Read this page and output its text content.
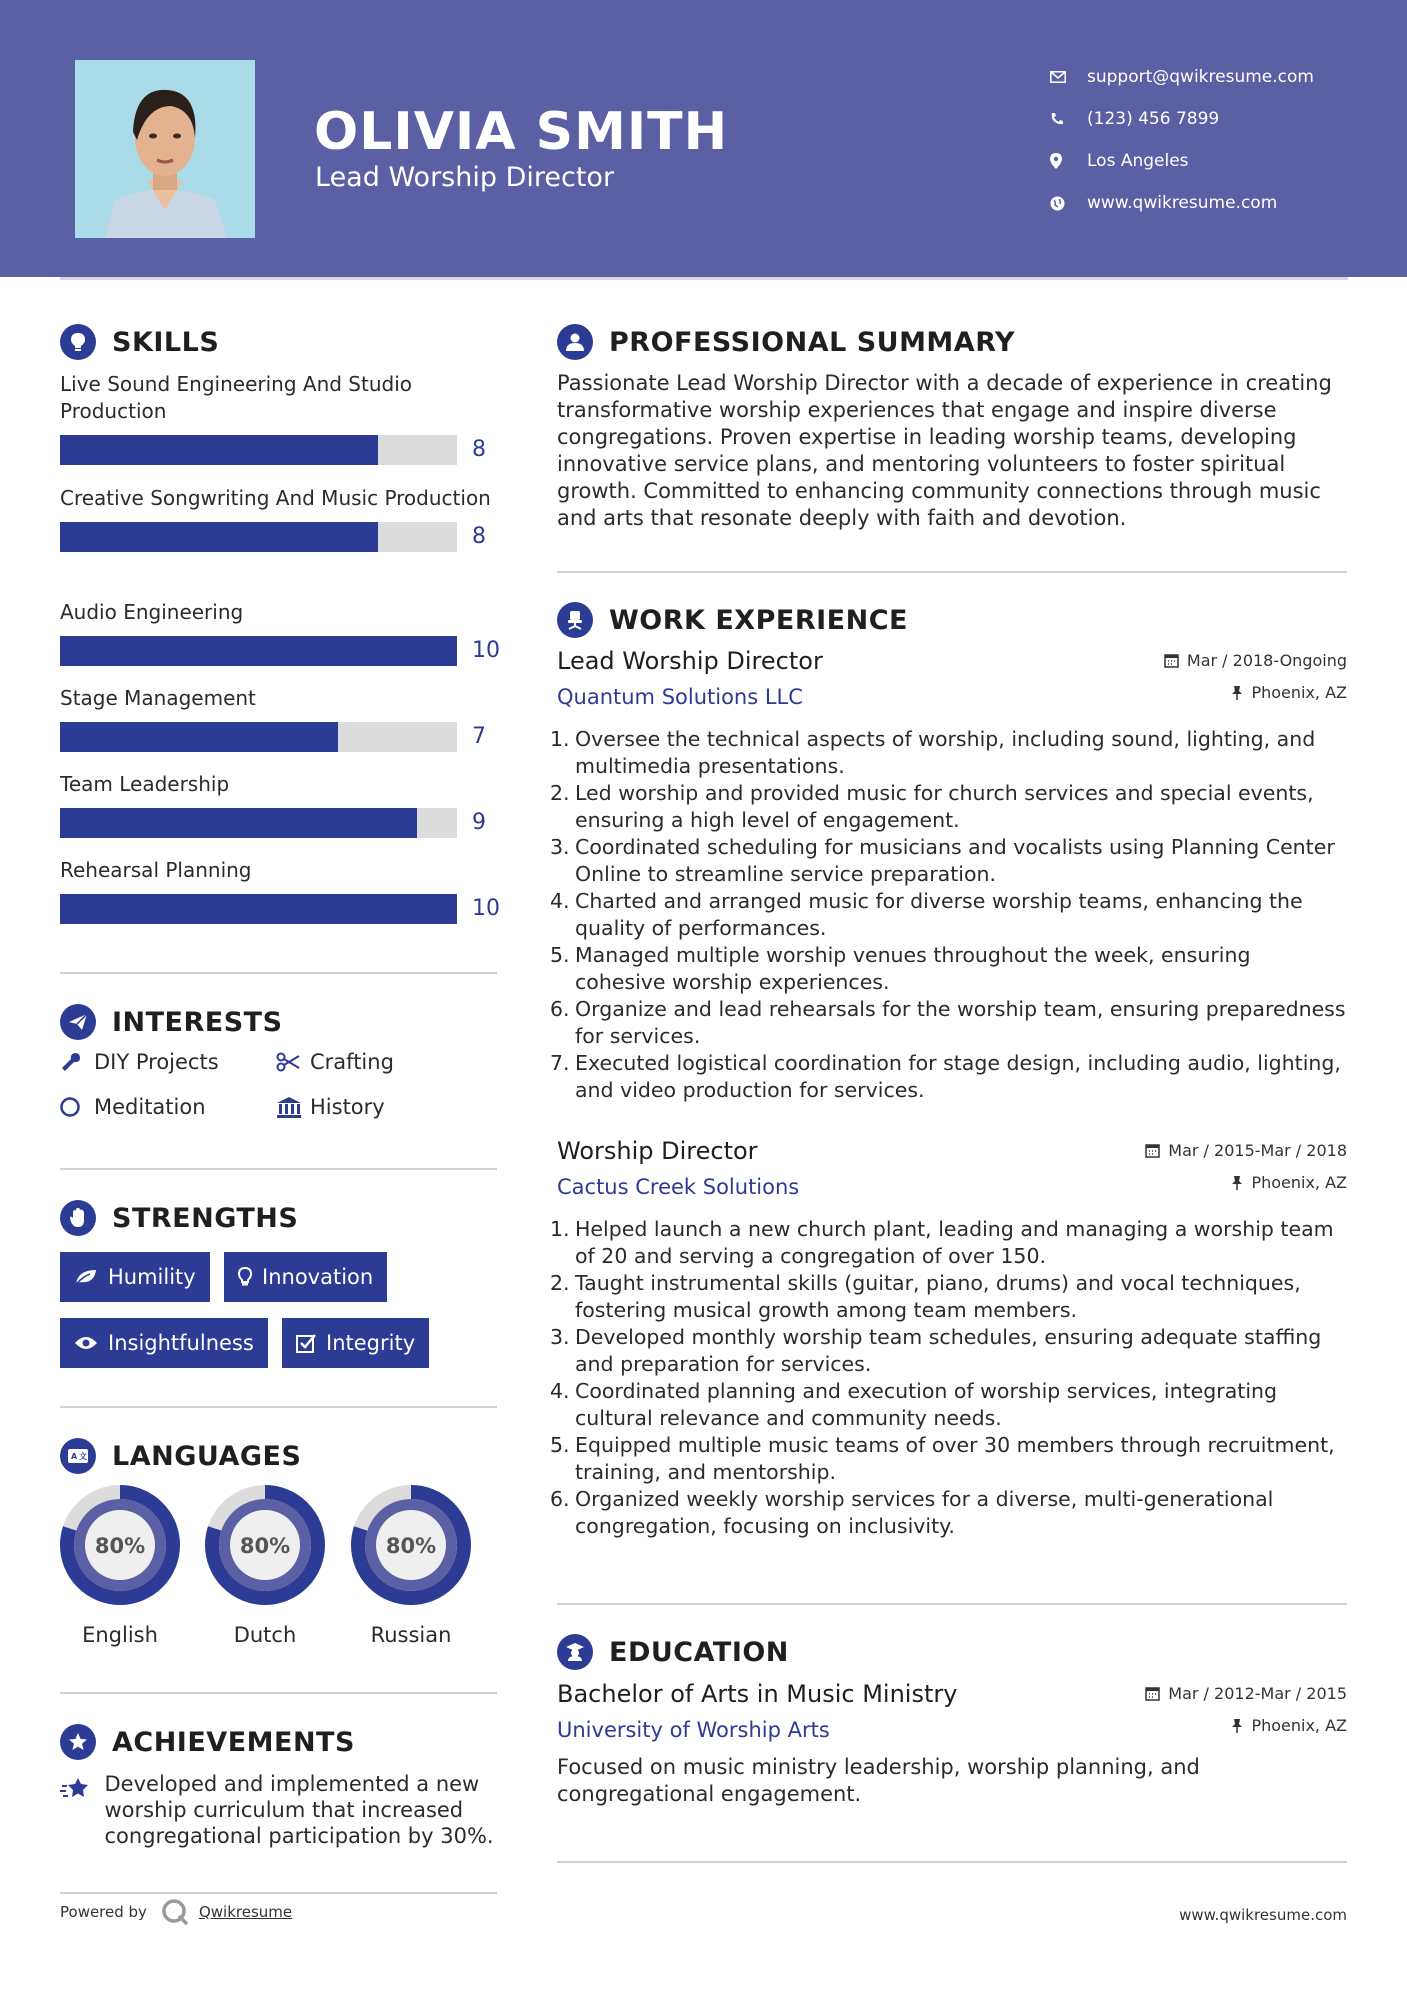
OLIVIA SMITH
Lead Worship Director
support@qwikresume.com
(123) 456 7899
Los Angeles
www.qwikresume.com
SKILLS
Live Sound Engineering And Studio Production
8
Creative Songwriting And Music Production
8
Audio Engineering
10
Stage Management
7
Team Leadership
9
Rehearsal Planning
10
INTERESTS
DIY Projects	Crafting
Meditation	History
STRENGTHS
Humility	Innovation
Insightfulness	Integrity
A 文 LANGUAGES
80%
English
80%
Dutch
80%
Russian
ACHIEVEMENTS
Developed and implemented a new worship curriculum that increased congregational participation by 30%.
PROFESSIONAL SUMMARY
Passionate Lead Worship Director with a decade of experience in creating transformative worship experiences that engage and inspire diverse congregations. Proven expertise in leading worship teams, developing innovative service plans, and mentoring volunteers to foster spiritual growth. Committed to enhancing community connections through music and arts that resonate deeply with faith and devotion.
WORK EXPERIENCE
Lead Worship Director
Quantum Solutions LLC
Mar / 2018-Ongoing
Phoenix, AZ
Oversee the technical aspects of worship, including sound, lighting, and multimedia presentations.
Led worship and provided music for church services and special events, ensuring a high level of engagement.
Coordinated scheduling for musicians and vocalists using Planning Center Online to streamline service preparation.
Charted and arranged music for diverse worship teams, enhancing the quality of performances.
Managed multiple worship venues throughout the week, ensuring cohesive worship experiences.
Organize and lead rehearsals for the worship team, ensuring preparedness for services.
Executed logistical coordination for stage design, including audio, lighting, and video production for services.
Worship Director
Cactus Creek Solutions
Mar / 2015-Mar / 2018
Phoenix, AZ
Helped launch a new church plant, leading and managing a worship team of 20 and serving a congregation of over 150.
Taught instrumental skills (guitar, piano, drums) and vocal techniques, fostering musical growth among team members.
Developed monthly worship team schedules, ensuring adequate staffing and preparation for services.
Coordinated planning and execution of worship services, integrating cultural relevance and community needs.
Equipped multiple music teams of over 30 members through recruitment, training, and mentorship.
Organized weekly worship services for a diverse, multi-generational congregation, focusing on inclusivity.
EDUCATION
Bachelor of Arts in Music Ministry
University of Worship Arts
Mar / 2012-Mar / 2015
Phoenix, AZ
Focused on music ministry leadership, worship planning, and congregational engagement.
Powered by	Qwikresume	www.qwikresume.com
